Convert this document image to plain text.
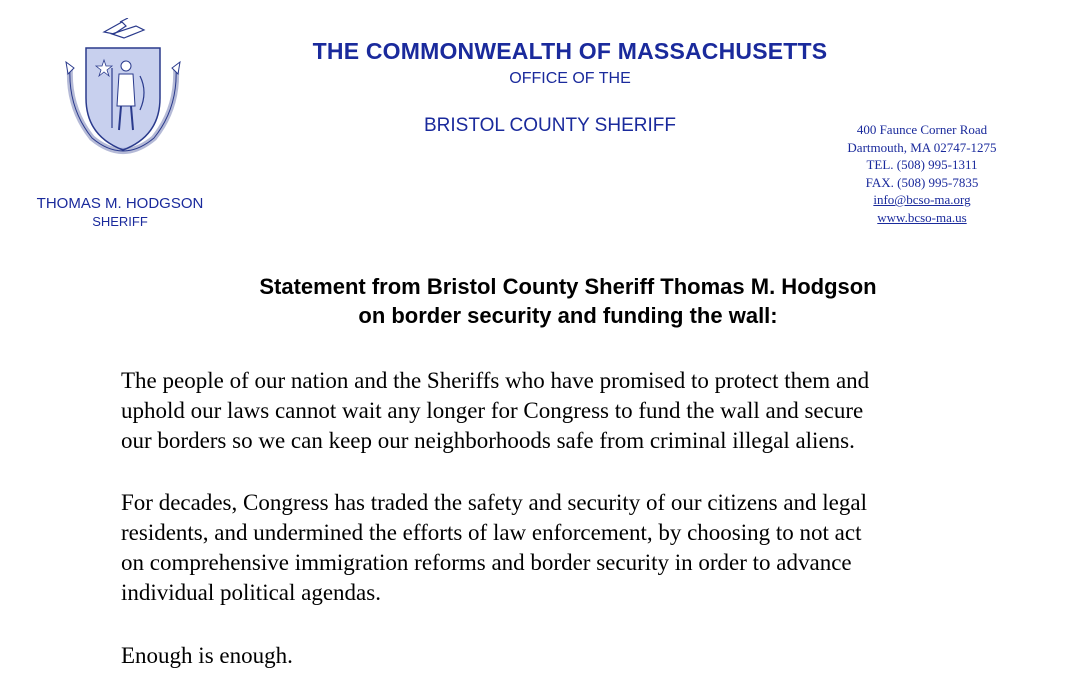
THE COMMONWEALTH OF MASSACHUSETTS
OFFICE OF THE
BRISTOL COUNTY SHERIFF
THOMAS M. HODGSON
SHERIFF
400 Faunce Corner Road
Dartmouth, MA 02747-1275
TEL. (508) 995-1311
FAX. (508) 995-7835
info@bcso-ma.org
www.bcso-ma.us
Statement from Bristol County Sheriff Thomas M. Hodgson
on border security and funding the wall:
The people of our nation and the Sheriffs who have promised to protect them and
uphold our laws cannot wait any longer for Congress to fund the wall and secure
our borders so we can keep our neighborhoods safe from criminal illegal aliens.
For decades, Congress has traded the safety and security of our citizens and legal
residents, and undermined the efforts of law enforcement, by choosing to not act
on comprehensive immigration reforms and border security in order to advance
individual political agendas.
Enough is enough.
